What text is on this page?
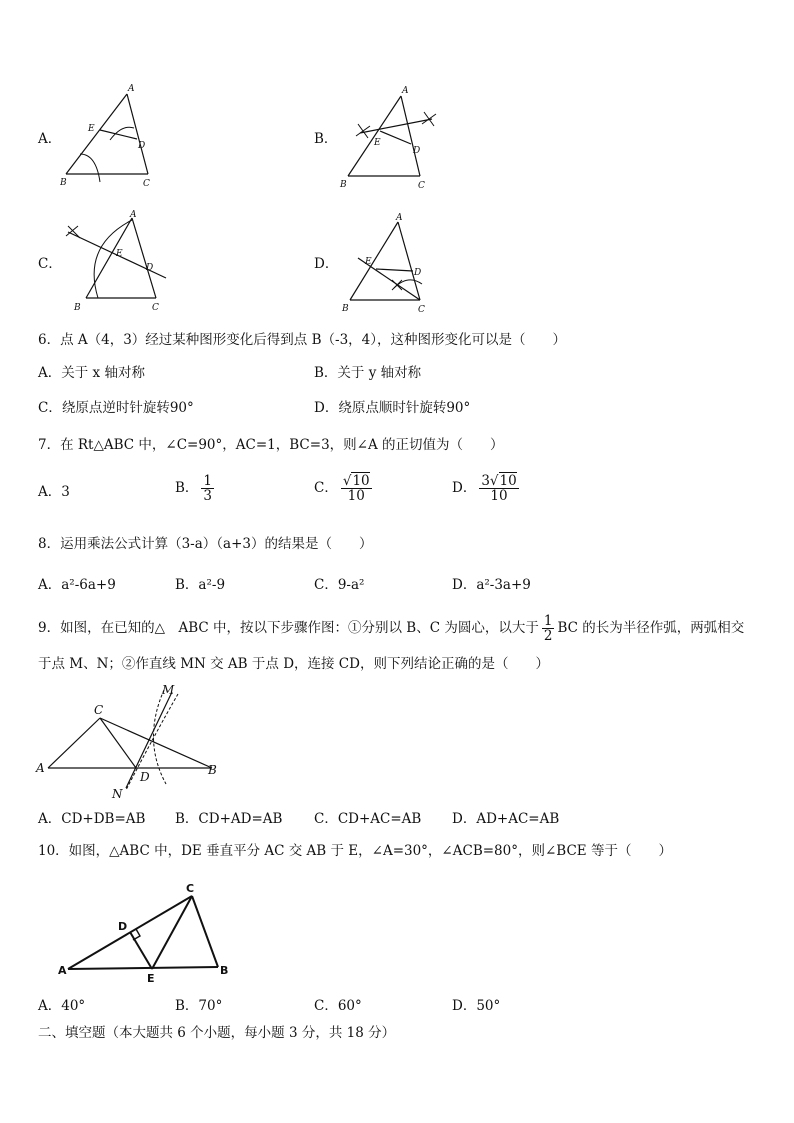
A．
A
E
D
B	C
B．
A
E
D
B	C
C．
A
E
D
B	C
D．
A
E
D
B	C
6．点 A（4，3）经过某种图形变化后得到点 B（-3，4），这种图形变化可以是（　　）
A．关于 x 轴对称	B．关于 y 轴对称
C．绕原点逆时针旋转90°	D．绕原点顺时针旋转90°
7．在 Rt△ABC 中，∠C=90°，AC=1，BC=3，则∠A 的正切值为（　　）
A．3	B． $\frac{1}{3}$	C． $\frac{√10}{10}$	D． $\frac{3√10}{10}$
8．运用乘法公式计算（3-a）（a+3）的结果是（　　）
A．a²-6a+9	B．a²-9	C．9-a²	D．a²-3a+9
9．如图，在已知的△　ABC 中，按以下步骤作图：①分别以 B、C 为圆心，以大于 $\frac{1}{2}$ BC 的长为半径作弧，两弧相交
于点 M、N；②作直线 MN 交 AB 于点 D，连接 CD，则下列结论正确的是（　　）
M
C
A
D	B
N
A．CD+DB=AB B．CD+AD=AB C．CD+AC=AB D．AD+AC=AB
10．如图，△ABC 中，DE 垂直平分 AC 交 AB 于 E，∠A=30°，∠ACB=80°，则∠BCE 等于（　　）
C
D
A
E
B
A．40°	B．70°	C．60°	D．50°
二、填空题（本大题共 6 个小题，每小题 3 分，共 18 分）
